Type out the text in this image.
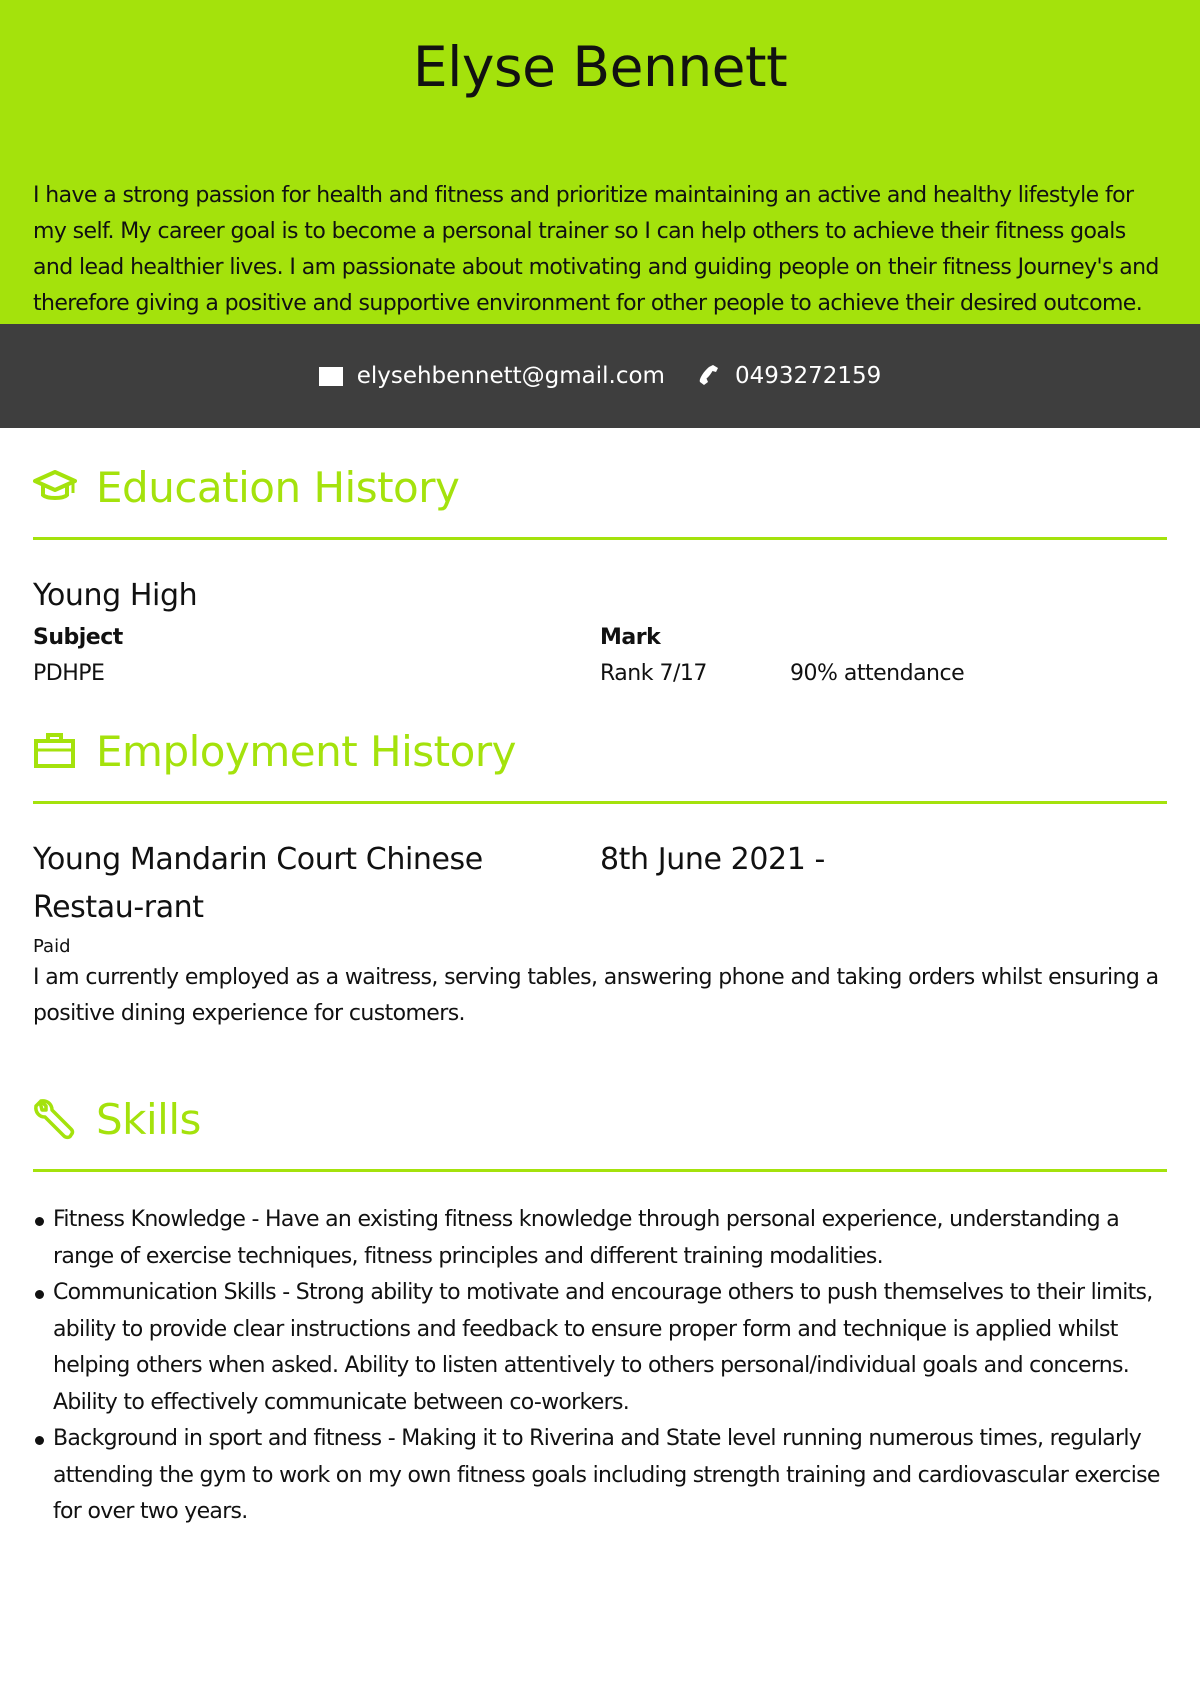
Elyse Bennett

I have a strong passion for health and fitness and prioritize maintaining an active and healthy lifestyle for my self. My career goal is to become a personal trainer so I can help others to achieve their fitness goals and lead healthier lives. I am passionate about motivating and guiding people on their fitness Journey's and therefore giving a positive and supportive environment for other people to achieve their desired outcome.

elysehbennett@gmail.com	0493272159
Education History
Young High
Subject	Mark
PDHPE	Rank 7/17	90% attendance
Employment History
Young Mandarin Court Chinese Restau-rant
8th June 2021 -
Paid
I am currently employed as a waitress, serving tables, answering phone and taking orders whilst ensuring a positive dining experience for customers.
Skills
Fitness Knowledge - Have an existing fitness knowledge through personal experience, understanding a range of exercise techniques, fitness principles and different training modalities.
Communication Skills - Strong ability to motivate and encourage others to push themselves to their limits, ability to provide clear instructions and feedback to ensure proper form and technique is applied whilst helping others when asked. Ability to listen attentively to others personal/individual goals and concerns. Ability to effectively communicate between co-workers.
Background in sport and fitness - Making it to Riverina and State level running numerous times, regularly attending the gym to work on my own fitness goals including strength training and cardiovascular exercise for over two years.
